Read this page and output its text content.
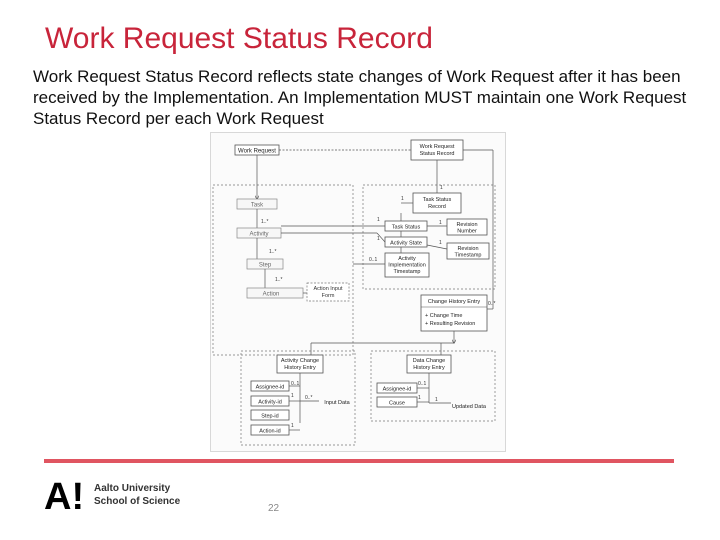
Work Request Status Record
Work Request Status Record reflects state changes of Work Request after it has been received by the Implementation. An Implementation MUST maintain one Work Request Status Record per each Work Request
Work Request
Work Request
Status Record
Task
1..*
Activity
1..*
Step
1..*
Action
Action Input
Form
1
1	Task Status
Record
Task Status
1
Revision
Number
1
Activity State
1
Revision
Timestamp
1
Activity
Implementation
Timestamp
0..1
Change History Entry
+ Change Time
+ Resulting Revision
0..*
Activity Change
History Entry
Assignee-id
0..1
Activity-id
1
Step-id
Action-id
1
Input Data
0..*
Data Change
History Entry
Assignee-id
0..1
Cause
1
Updated Data
1
A! Aalto University
School of Science
22
